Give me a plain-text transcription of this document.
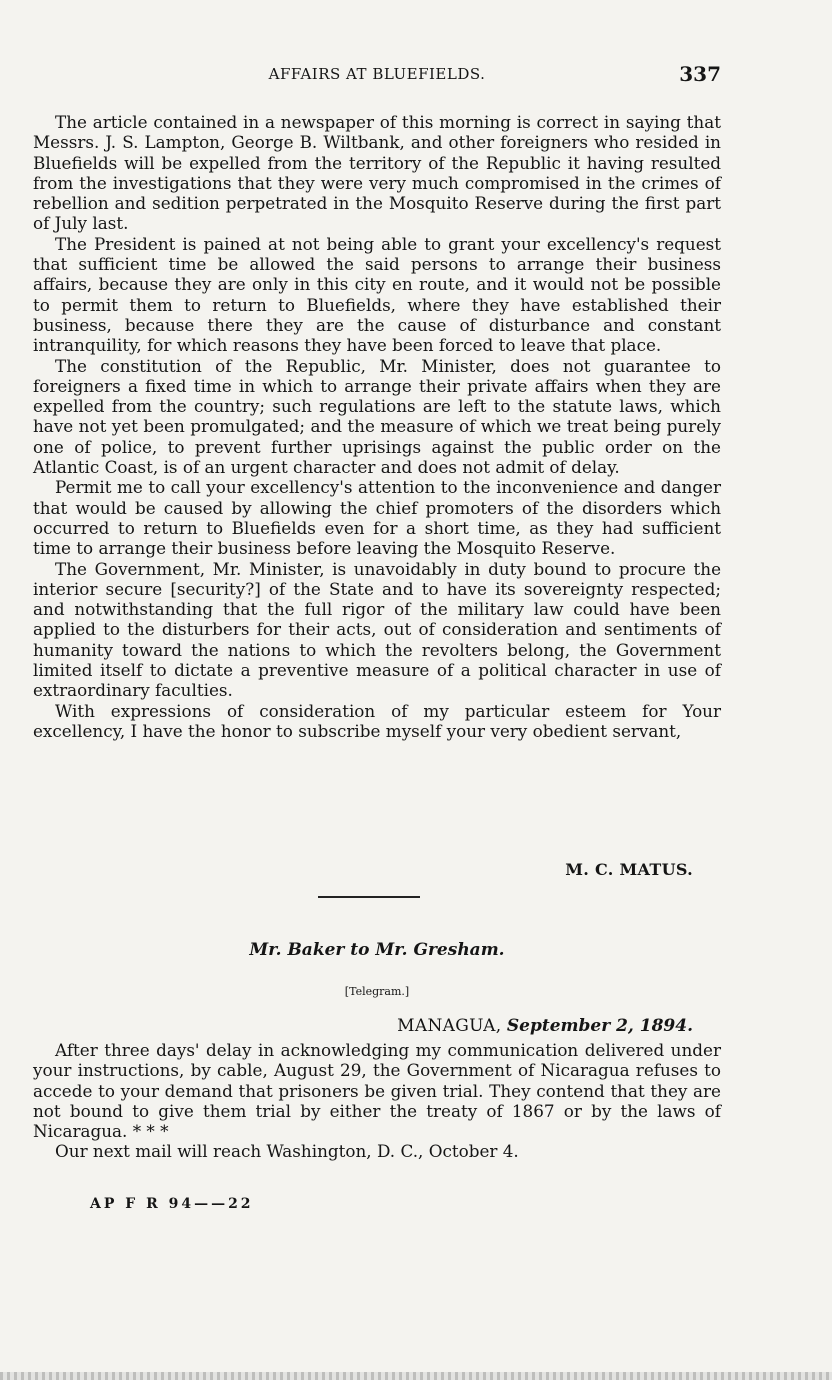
AFFAIRS AT BLUEFIELDS.	337

The article contained in a newspaper of this morning is correct in saying that Messrs. J. S. Lampton, George B. Wiltbank, and other foreigners who resided in Bluefields will be expelled from the territory of the Republic it having resulted from the investigations that they were very much compromised in the crimes of rebellion and sedition perpetrated in the Mosquito Reserve during the first part of July last.

The President is pained at not being able to grant your excellency's request that sufficient time be allowed the said persons to arrange their business affairs, because they are only in this city en route, and it would not be possible to permit them to return to Bluefields, where they have established their business, because there they are the cause of disturbance and constant intranquility, for which reasons they have been forced to leave that place.

The constitution of the Republic, Mr. Minister, does not guarantee to foreigners a fixed time in which to arrange their private affairs when they are expelled from the country; such regulations are left to the statute laws, which have not yet been promulgated; and the measure of which we treat being purely one of police, to prevent further uprisings against the public order on the Atlantic Coast, is of an urgent character and does not admit of delay.

Permit me to call your excellency's attention to the inconvenience and danger that would be caused by allowing the chief promoters of the disorders which occurred to return to Bluefields even for a short time, as they had sufficient time to arrange their business before leaving the Mosquito Reserve.

The Government, Mr. Minister, is unavoidably in duty bound to procure the interior secure [security?] of the State and to have its sovereignty respected; and notwithstanding that the full rigor of the military law could have been applied to the disturbers for their acts, out of consideration and sentiments of humanity toward the nations to which the revolters belong, the Government limited itself to dictate a preventive measure of a political character in use of extraordinary faculties.

With expressions of consideration of my particular esteem for Your excellency, I have the honor to subscribe myself your very obedient servant,

M. C. MATUS.
Mr. Baker to Mr. Gresham.
[Telegram.]
MANAGUA, September 2, 1894.

After three days' delay in acknowledging my communication delivered under your instructions, by cable, August 29, the Government of Nicaragua refuses to accede to your demand that prisoners be given trial. They contend that they are not bound to give them trial by either the treaty of 1867 or by the laws of Nicaragua. * * *

Our next mail will reach Washington, D. C., October 4.

AP F R 94——22
